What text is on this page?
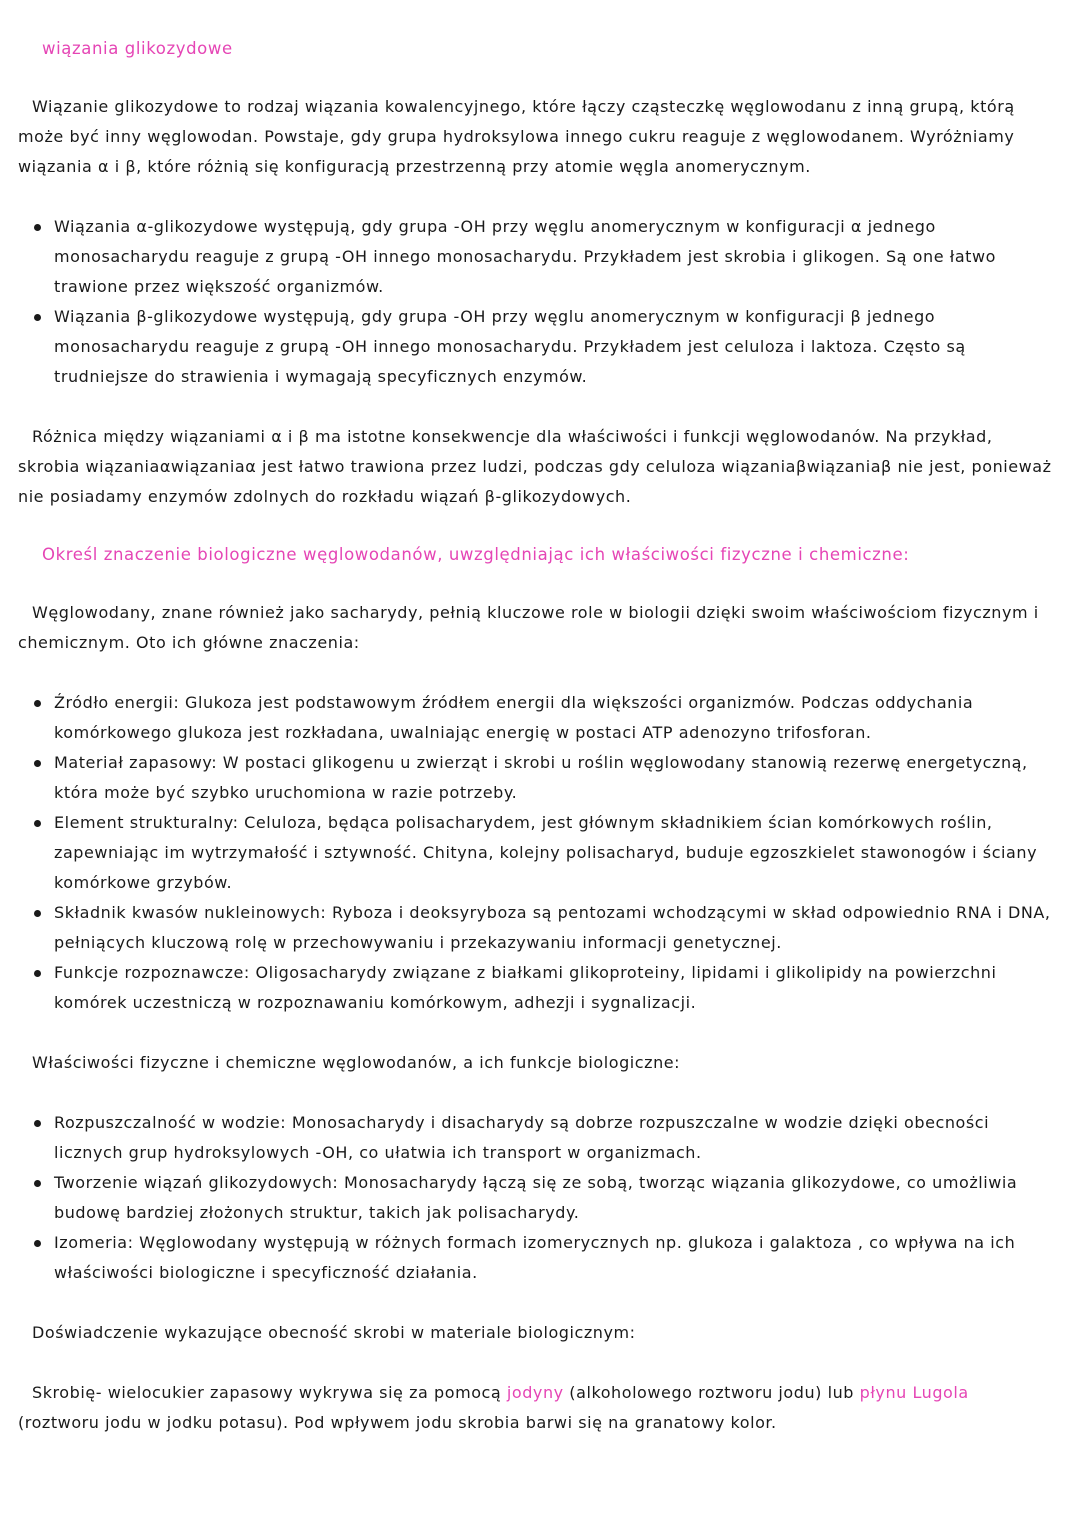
wiązania glikozydowe

Wiązanie glikozydowe to rodzaj wiązania kowalencyjnego, które łączy cząsteczkę węglowodanu z inną grupą, którą może być inny węglowodan. Powstaje, gdy grupa hydroksylowa innego cukru reaguje z węglowodanem. Wyróżniamy wiązania α i β, które różnią się konfiguracją przestrzenną przy atomie węgla anomerycznym.

Wiązania α-glikozydowe występują, gdy grupa -OH przy węglu anomerycznym w konfiguracji α jednego monosacharydu reaguje z grupą -OH innego monosacharydu. Przykładem jest skrobia i glikogen. Są one łatwo trawione przez większość organizmów.
Wiązania β-glikozydowe występują, gdy grupa -OH przy węglu anomerycznym w konfiguracji β jednego monosacharydu reaguje z grupą -OH innego monosacharydu. Przykładem jest celuloza i laktoza. Często są trudniejsze do strawienia i wymagają specyficznych enzymów.

Różnica między wiązaniami α i β ma istotne konsekwencje dla właściwości i funkcji węglowodanów. Na przykład, skrobia wiązaniaαwiązaniaα jest łatwo trawiona przez ludzi, podczas gdy celuloza wiązaniaβwiązaniaβ nie jest, ponieważ nie posiadamy enzymów zdolnych do rozkładu wiązań β-glikozydowych.

Określ znaczenie biologiczne węglowodanów, uwzględniając ich właściwości fizyczne i chemiczne:

Węglowodany, znane również jako sacharydy, pełnią kluczowe role w biologii dzięki swoim właściwościom fizycznym i chemicznym. Oto ich główne znaczenia:

Źródło energii: Glukoza jest podstawowym źródłem energii dla większości organizmów. Podczas oddychania komórkowego glukoza jest rozkładana, uwalniając energię w postaci ATP adenozyno trifosforan.
Materiał zapasowy: W postaci glikogenu u zwierząt i skrobi u roślin węglowodany stanowią rezerwę energetyczną, która może być szybko uruchomiona w razie potrzeby.
Element strukturalny: Celuloza, będąca polisacharydem, jest głównym składnikiem ścian komórkowych roślin, zapewniając im wytrzymałość i sztywność. Chityna, kolejny polisacharyd, buduje egzoszkielet stawonogów i ściany komórkowe grzybów.
Składnik kwasów nukleinowych: Ryboza i deoksyryboza są pentozami wchodzącymi w skład odpowiednio RNA i DNA, pełniących kluczową rolę w przechowywaniu i przekazywaniu informacji genetycznej.
Funkcje rozpoznawcze: Oligosacharydy związane z białkami glikoproteiny, lipidami i glikolipidy na powierzchni komórek uczestniczą w rozpoznawaniu komórkowym, adhezji i sygnalizacji.

Właściwości fizyczne i chemiczne węglowodanów, a ich funkcje biologiczne:

Rozpuszczalność w wodzie: Monosacharydy i disacharydy są dobrze rozpuszczalne w wodzie dzięki obecności licznych grup hydroksylowych -OH, co ułatwia ich transport w organizmach.
Tworzenie wiązań glikozydowych: Monosacharydy łączą się ze sobą, tworząc wiązania glikozydowe, co umożliwia budowę bardziej złożonych struktur, takich jak polisacharydy.
Izomeria: Węglowodany występują w różnych formach izomerycznych np. glukoza i galaktoza , co wpływa na ich właściwości biologiczne i specyficzność działania.

Doświadczenie wykazujące obecność skrobi w materiale biologicznym:

Skrobię- wielocukier zapasowy wykrywa się za pomocą jodyny (alkoholowego roztworu jodu) lub płynu Lugola (roztworu jodu w jodku potasu). Pod wpływem jodu skrobia barwi się na granatowy kolor.
